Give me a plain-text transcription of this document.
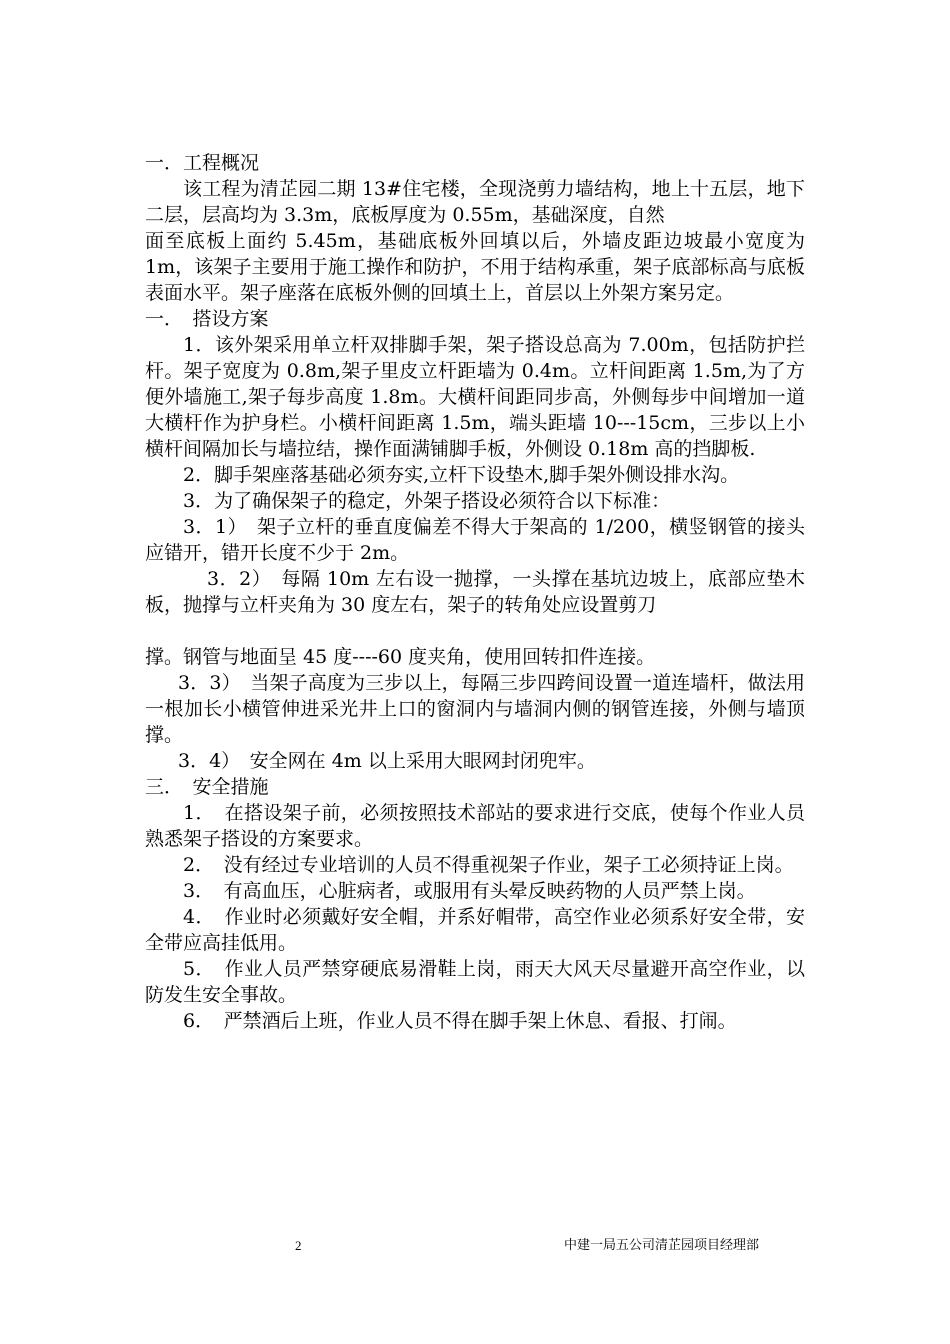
一．工程概况

该工程为清芷园二期 13#住宅楼，全现浇剪力墙结构，地上十五层，地下二层，层高均为 3.3m，底板厚度为 0.55m，基础深度，自然

面至底板上面约 5.45m，基础底板外回填以后，外墙皮距边坡最小宽度为 1m，该架子主要用于施工操作和防护，不用于结构承重，架子底部标高与底板表面水平。架子座落在底板外侧的回填土上，首层以上外架方案另定。

一．　搭设方案

1．该外架采用单立杆双排脚手架，架子搭设总高为 7.00m，包括防护拦杆。架子宽度为 0.8m,架子里皮立杆距墙为 0.4m。立杆间距离 1.5m,为了方便外墙施工,架子每步高度 1.8m。大横杆间距同步高，外侧每步中间增加一道大横杆作为护身栏。小横杆间距离 1.5m，端头距墙 10---15cm，三步以上小横杆间隔加长与墙拉结，操作面满铺脚手板，外侧设 0.18m 高的挡脚板.

2．脚手架座落基础必须夯实,立杆下设垫木,脚手架外侧设排水沟。

3．为了确保架子的稳定，外架子搭设必须符合以下标准：

3．1）　架子立杆的垂直度偏差不得大于架高的 1/200，横竖钢管的接头应错开，错开长度不少于 2m。

3．2）　每隔 10m 左右设一抛撑，一头撑在基坑边坡上，底部应垫木板，抛撑与立杆夹角为 30 度左右，架子的转角处应设置剪刀

撑。钢管与地面呈 45 度----60 度夹角，使用回转扣件连接。

3．3）　当架子高度为三步以上，每隔三步四跨间设置一道连墙杆，做法用一根加长小横管伸进采光井上口的窗洞内与墙洞内侧的钢管连接，外侧与墙顶撑。

3．4）　安全网在 4m 以上采用大眼网封闭兜牢。

三．　安全措施

1．　在搭设架子前，必须按照技术部站的要求进行交底，使每个作业人员熟悉架子搭设的方案要求。

2．　没有经过专业培训的人员不得重视架子作业，架子工必须持证上岗。

3．　有高血压，心脏病者，或服用有头晕反映药物的人员严禁上岗。

4．　作业时必须戴好安全帽，并系好帽带，高空作业必须系好安全带，安全带应高挂低用。

5．　作业人员严禁穿硬底易滑鞋上岗，雨天大风天尽量避开高空作业，以防发生安全事故。

6．　严禁酒后上班，作业人员不得在脚手架上休息、看报、打闹。

2	中建一局五公司清芷园项目经理部
